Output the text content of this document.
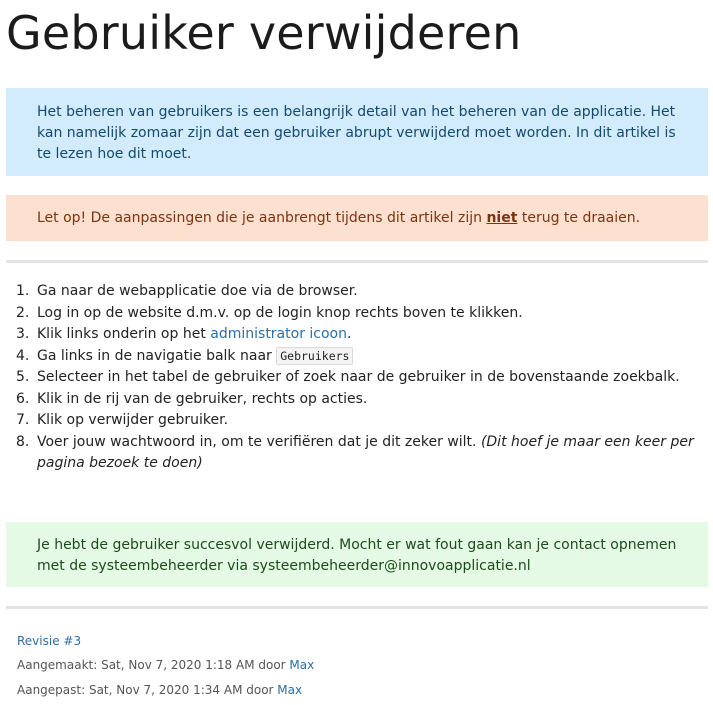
Gebruiker verwijderen
Het beheren van gebruikers is een belangrijk detail van het beheren van de applicatie. Het kan namelijk zomaar zijn dat een gebruiker abrupt verwijderd moet worden. In dit artikel is te lezen hoe dit moet.
Let op! De aanpassingen die je aanbrengt tijdens dit artikel zijn niet terug te draaien.
1. Ga naar de webapplicatie doe via de browser.
2. Log in op de website d.m.v. op de login knop rechts boven te klikken.
3. Klik links onderin op het administrator icoon.
4. Ga links in de navigatie balk naar Gebruikers
5. Selecteer in het tabel de gebruiker of zoek naar de gebruiker in de bovenstaande zoekbalk.
6. Klik in de rij van de gebruiker, rechts op acties.
7. Klik op verwijder gebruiker.
8. Voer jouw wachtwoord in, om te verifiëren dat je dit zeker wilt. (Dit hoef je maar een keer per pagina bezoek te doen)
Je hebt de gebruiker succesvol verwijderd. Mocht er wat fout gaan kan je contact opnemen met de systeembeheerder via systeembeheerder@innovoapplicatie.nl
Revisie #3
Aangemaakt: Sat, Nov 7, 2020 1:18 AM door Max
Aangepast: Sat, Nov 7, 2020 1:34 AM door Max
